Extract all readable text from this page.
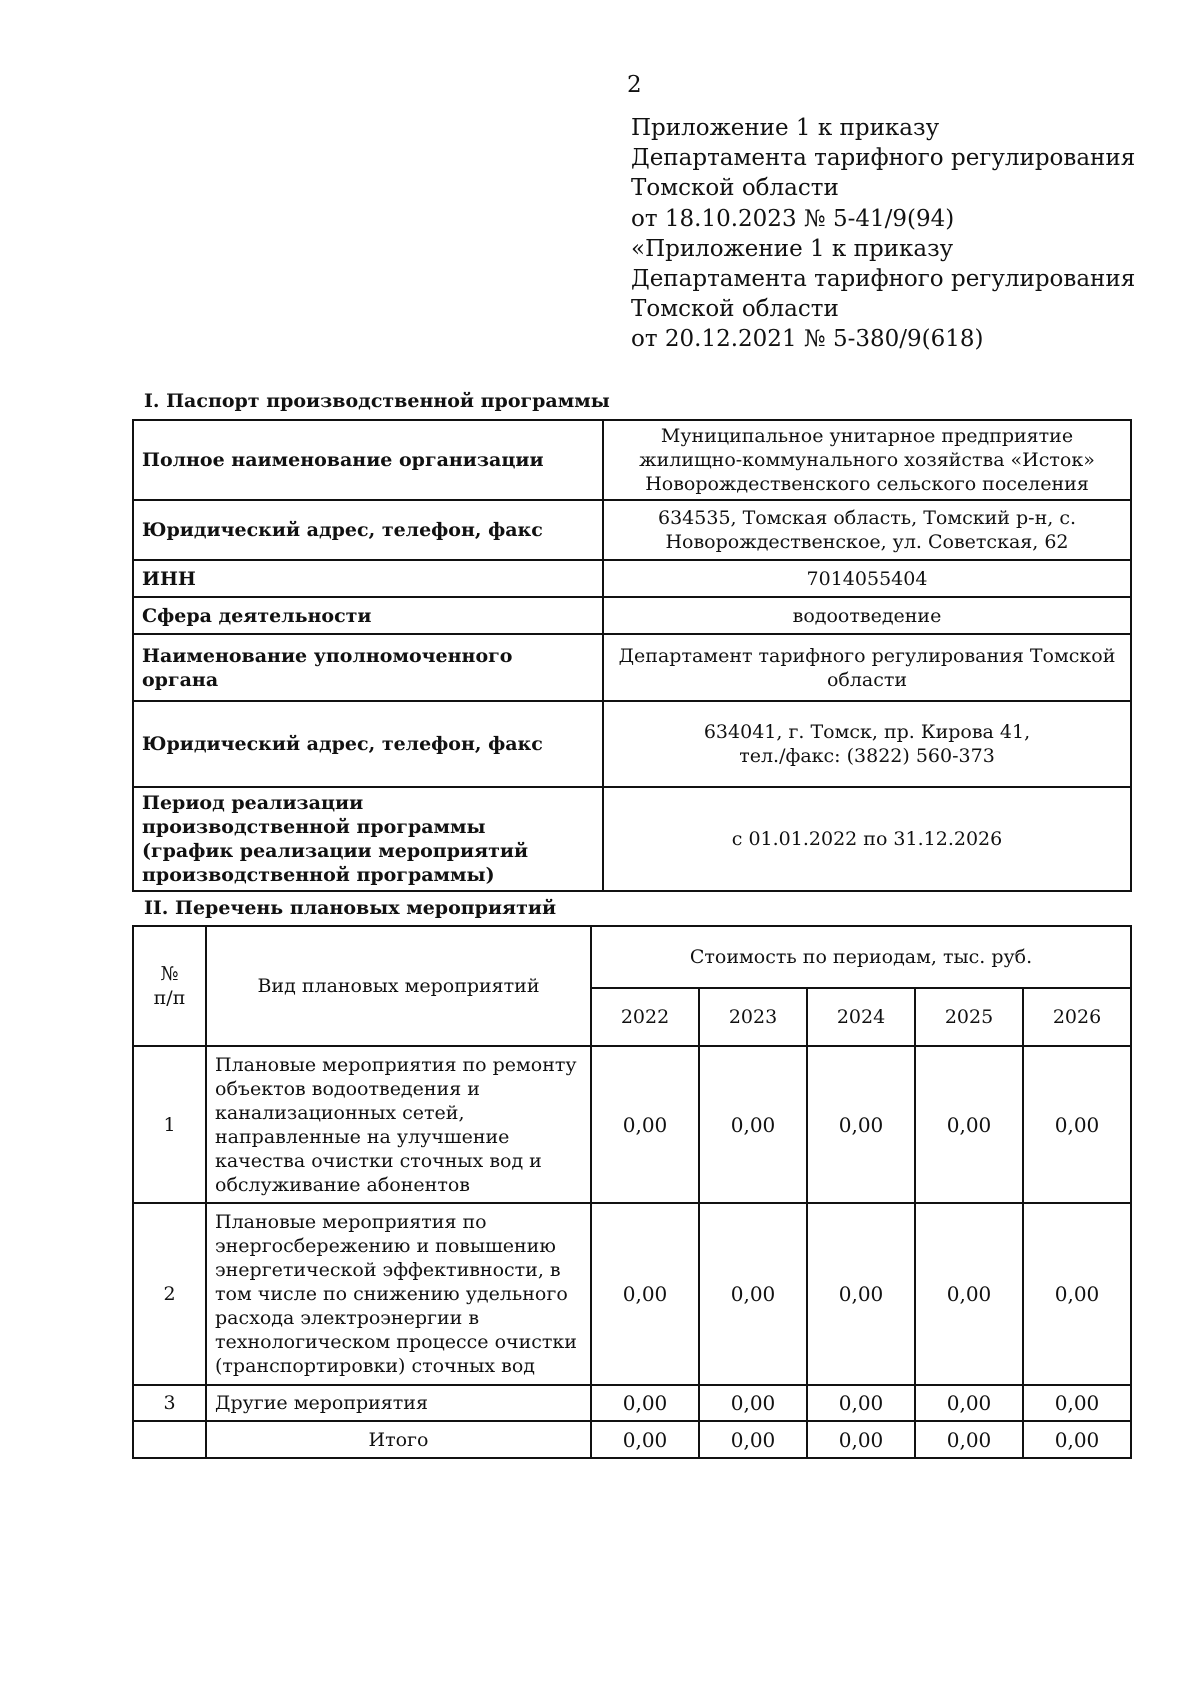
2
Приложение 1 к приказу
Департамента тарифного регулирования
Томской области
от 18.10.2023 № 5-41/9(94)
«Приложение 1 к приказу
Департамента тарифного регулирования
Томской области
от 20.12.2021 № 5-380/9(618)
I. Паспорт производственной программы
Полное наименование организации	Муниципальное унитарное предприятие жилищно-коммунального хозяйства «Исток» Новорождественского сельского поселения
Юридический адрес, телефон, факс	634535, Томская область, Томский р-н, с. Новорождественское, ул. Советская, 62
ИНН	7014055404
Сфера деятельности	водоотведение
Наименование уполномоченного органа	Департамент тарифного регулирования Томской области
Юридический адрес, телефон, факс	634041, г. Томск, пр. Кирова 41,
тел./факс: (3822) 560-373

Период реализации производственной программы (график реализации мероприятий производственной программы)	с 01.01.2022 по 31.12.2026
II. Перечень плановых мероприятий
№
п/п	Вид плановых мероприятий	Стоимость по периодам, тыс. руб.				
		2022	2023	2024	2025	2026
1	Плановые мероприятия по ремонту объектов водоотведения и канализационных сетей, направленные на улучшение качества очистки сточных вод и обслуживание абонентов	0,00	0,00	0,00	0,00	0,00
2	Плановые мероприятия по энергосбережению и повышению энергетической эффективности, в том числе по снижению удельного расхода электроэнергии в технологическом процессе очистки (транспортировки) сточных вод	0,00	0,00	0,00	0,00	0,00
3	Другие мероприятия	0,00	0,00	0,00	0,00	0,00
	Итого	0,00	0,00	0,00	0,00	0,00
